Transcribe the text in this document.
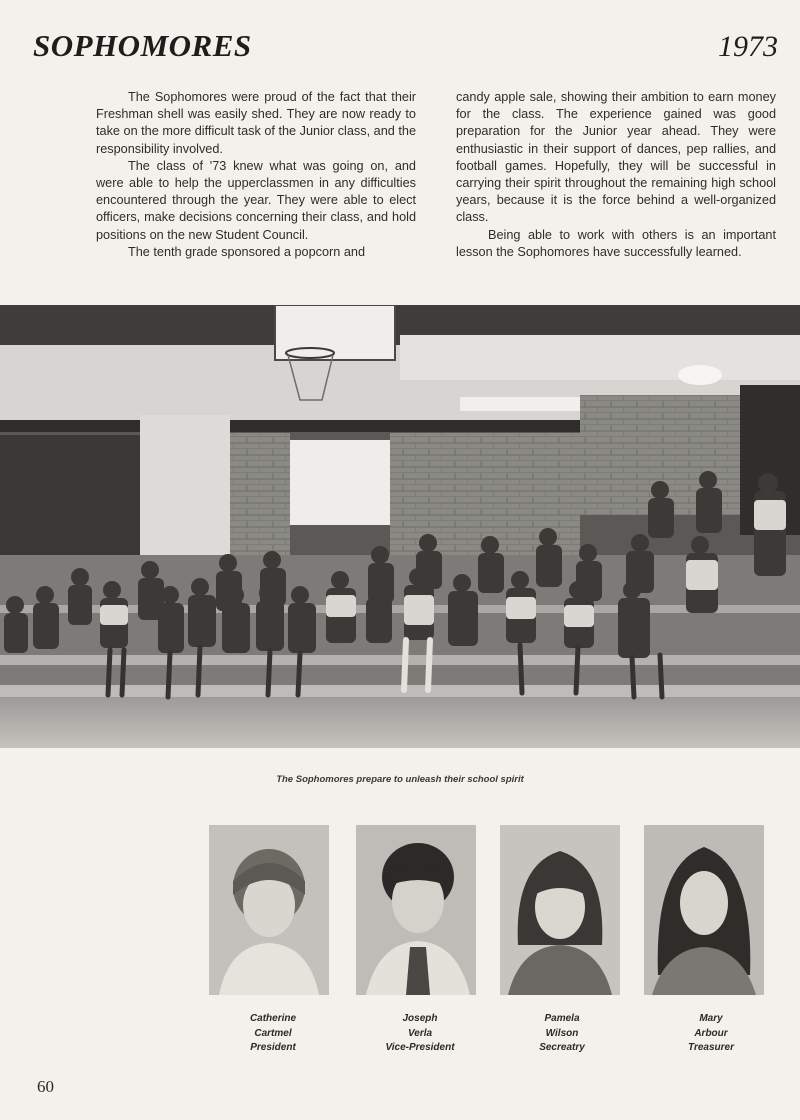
SOPHOMORES	1973

The Sophomores were proud of the fact that their Freshman shell was easily shed. They are now ready to take on the more difficult task of the Junior class, and the responsibility involved.

The class of '73 knew what was going on, and were able to help the upperclassmen in any difficulties encountered through the year. They were able to elect officers, make decisions concerning their class, and hold positions on the new Student Council.

The tenth grade sponsored a popcorn and

candy apple sale, showing their ambition to earn money for the class. The experience gained was good preparation for the Junior year ahead. They were enthusiastic in their support of dances, pep rallies, and football games. Hopefully, they will be successful in carrying their spirit throughout the remaining high school years, because it is the force behind a well-organized class.

Being able to work with others is an important lesson the Sophomores have successfully learned.

The Sophomores prepare to unleash their school spirit
Catherine
Cartmel
President
Joseph
Verla
Vice-President
Pamela
Wilson
Secreatry
Mary
Arbour
Treasurer
60
